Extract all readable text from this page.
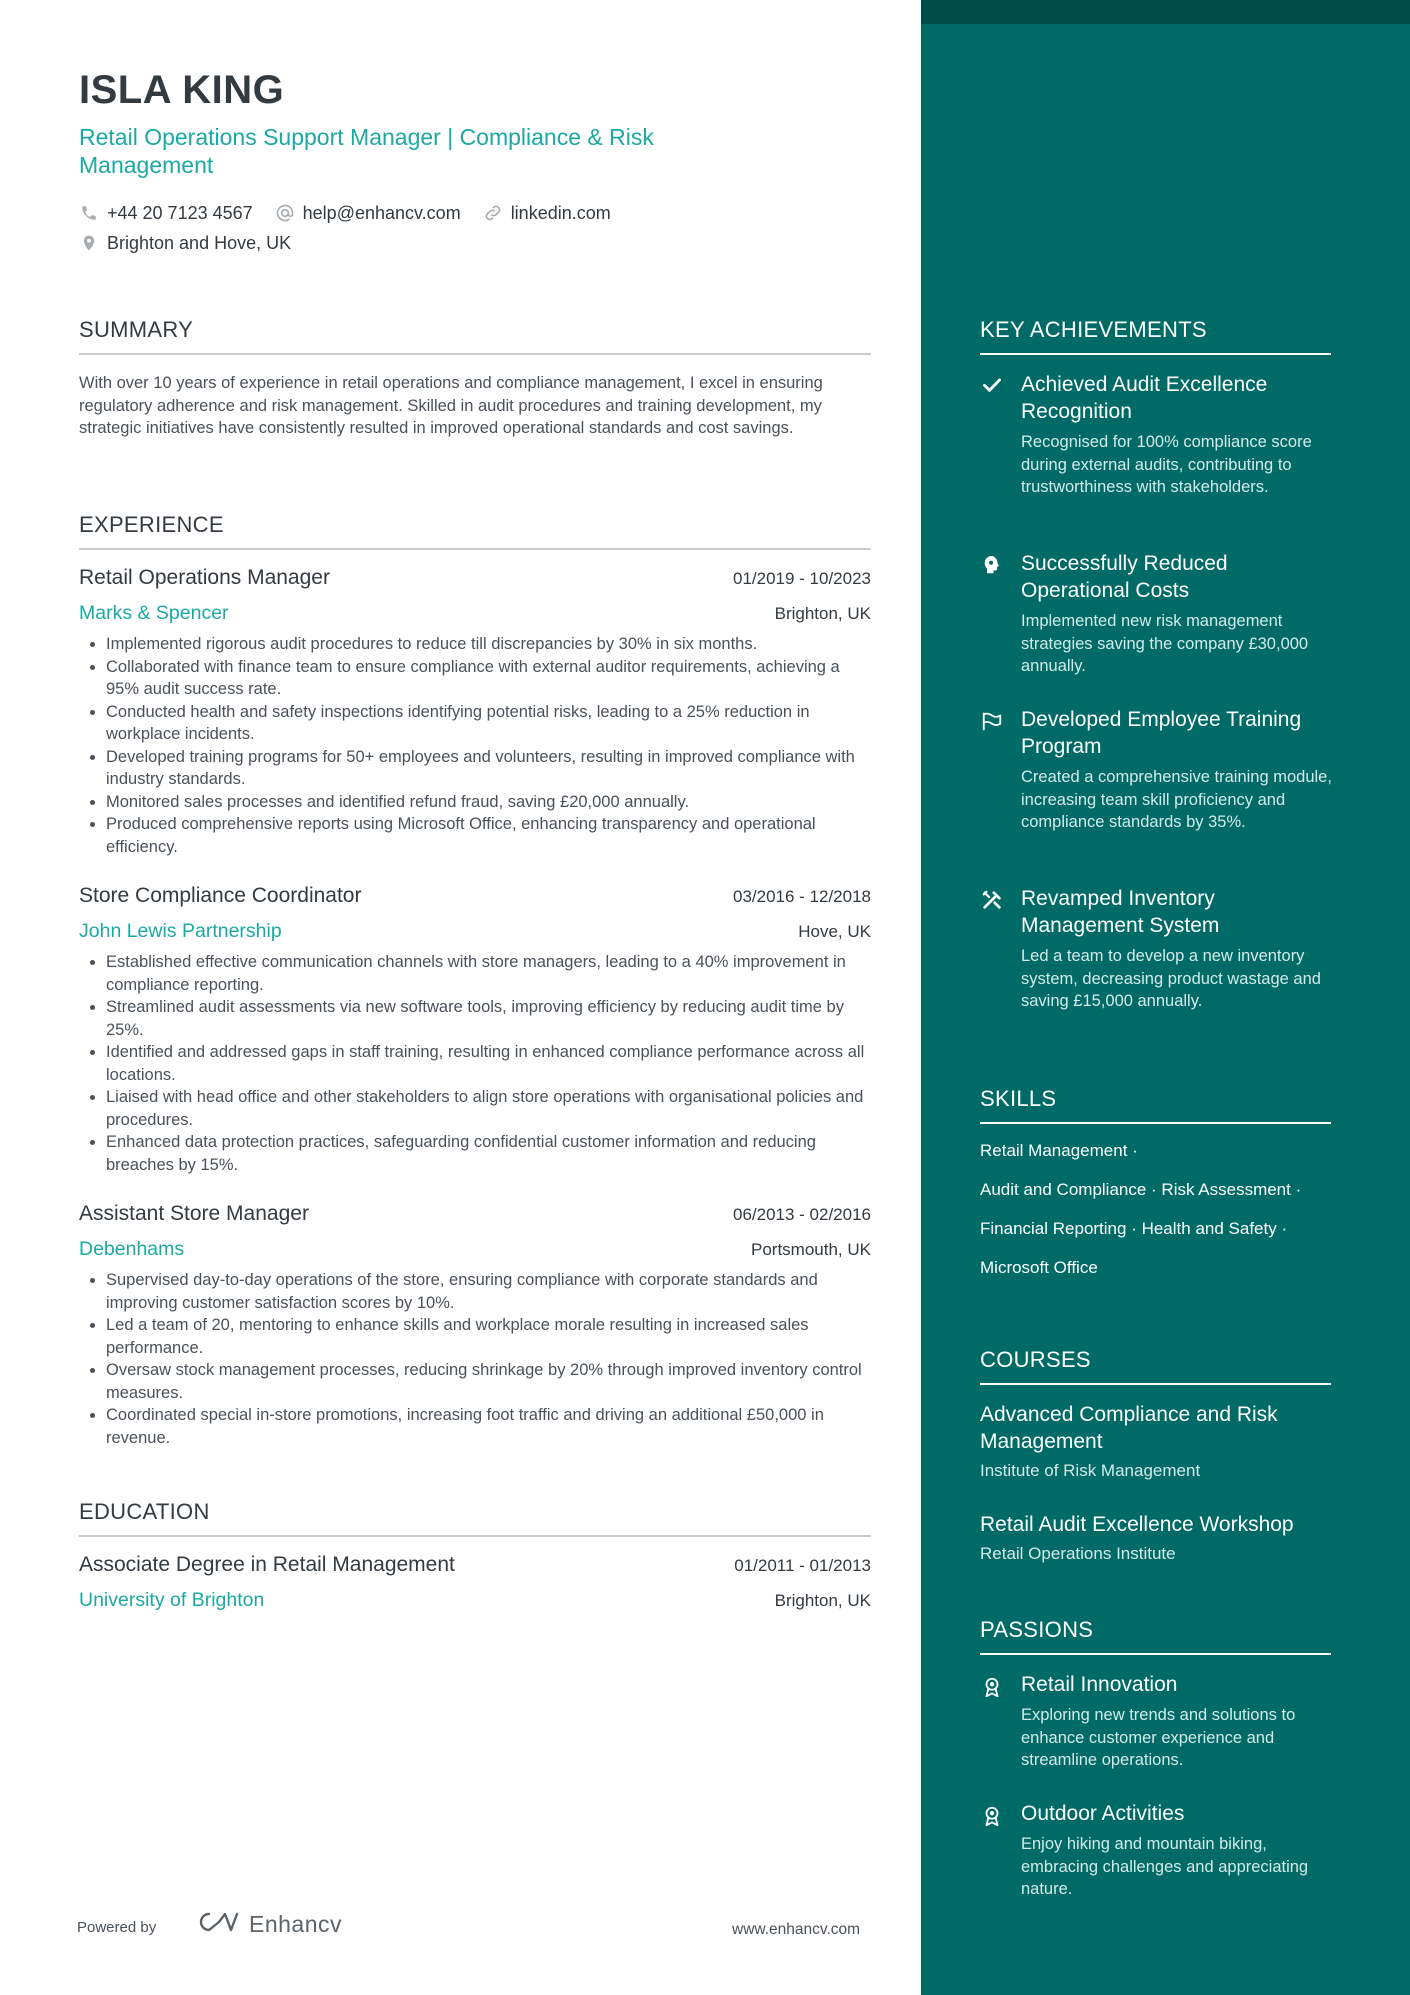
ISLA KING
Retail Operations Support Manager | Compliance & Risk Management
+44 20 7123 4567	help@enhancv.com	linkedin.com
Brighton and Hove, UK
SUMMARY
With over 10 years of experience in retail operations and compliance management, I excel in ensuring regulatory adherence and risk management. Skilled in audit procedures and training development, my strategic initiatives have consistently resulted in improved operational standards and cost savings.
EXPERIENCE
Retail Operations Manager	01/2019 - 10/2023
Marks & Spencer	Brighton, UK
• Implemented rigorous audit procedures to reduce till discrepancies by 30% in six months.
• Collaborated with finance team to ensure compliance with external auditor requirements, achieving a 95% audit success rate.
• Conducted health and safety inspections identifying potential risks, leading to a 25% reduction in workplace incidents.
• Developed training programs for 50+ employees and volunteers, resulting in improved compliance with industry standards.
• Monitored sales processes and identified refund fraud, saving £20,000 annually.
• Produced comprehensive reports using Microsoft Office, enhancing transparency and operational efficiency.
Store Compliance Coordinator	03/2016 - 12/2018
John Lewis Partnership	Hove, UK
• Established effective communication channels with store managers, leading to a 40% improvement in compliance reporting.
• Streamlined audit assessments via new software tools, improving efficiency by reducing audit time by 25%.
• Identified and addressed gaps in staff training, resulting in enhanced compliance performance across all locations.
• Liaised with head office and other stakeholders to align store operations with organisational policies and procedures.
• Enhanced data protection practices, safeguarding confidential customer information and reducing breaches by 15%.
Assistant Store Manager	06/2013 - 02/2016
Debenhams	Portsmouth, UK
• Supervised day-to-day operations of the store, ensuring compliance with corporate standards and improving customer satisfaction scores by 10%.
• Led a team of 20, mentoring to enhance skills and workplace morale resulting in increased sales performance.
• Oversaw stock management processes, reducing shrinkage by 20% through improved inventory control measures.
• Coordinated special in-store promotions, increasing foot traffic and driving an additional £50,000 in revenue.
EDUCATION
Associate Degree in Retail Management	01/2011 - 01/2013
University of Brighton	Brighton, UK
Powered by	Enhancv	www.enhancv.com
KEY ACHIEVEMENTS
Achieved Audit Excellence Recognition
Recognised for 100% compliance score during external audits, contributing to trustworthiness with stakeholders.
Successfully Reduced Operational Costs
Implemented new risk management strategies saving the company £30,000 annually.
Developed Employee Training Program
Created a comprehensive training module, increasing team skill proficiency and compliance standards by 35%.
Revamped Inventory Management System
Led a team to develop a new inventory system, decreasing product wastage and saving £15,000 annually.
SKILLS
Retail Management ·
Audit and Compliance · Risk Assessment ·
Financial Reporting · Health and Safety ·
Microsoft Office
COURSES
Advanced Compliance and Risk Management
Institute of Risk Management
Retail Audit Excellence Workshop
Retail Operations Institute
PASSIONS
Retail Innovation
Exploring new trends and solutions to enhance customer experience and streamline operations.
Outdoor Activities
Enjoy hiking and mountain biking, embracing challenges and appreciating nature.
